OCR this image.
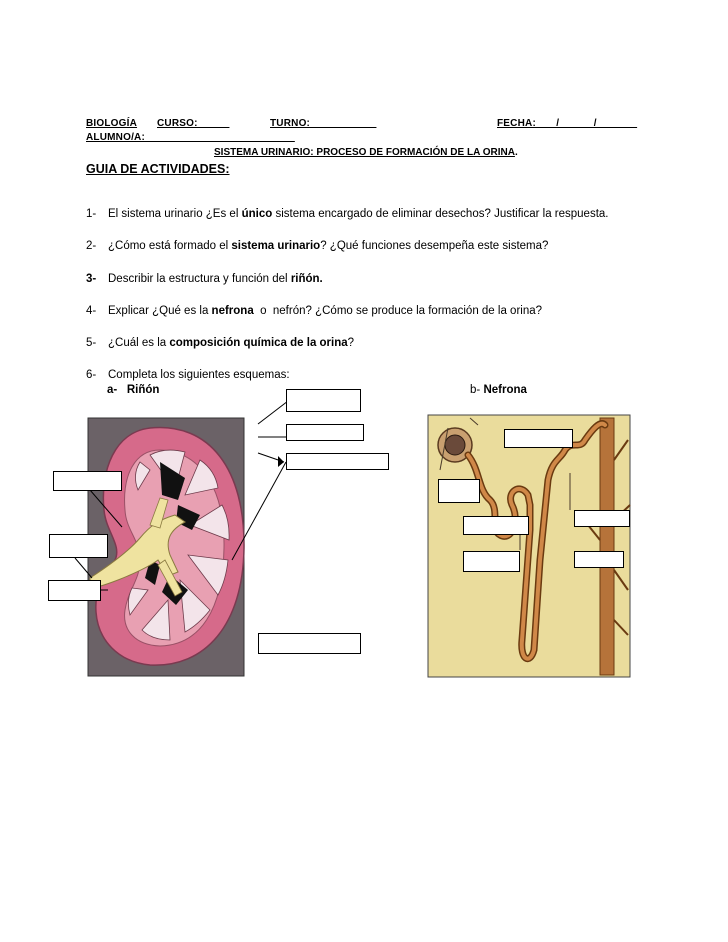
BIOLOGÍA CURSO: _____	TURNO: ___________	FECHA: ___/______/_______
ALUMNO/A:__________________________
SISTEMA URINARIO: PROCESO DE FORMACIÓN DE LA ORINA.
GUIA DE ACTIVIDADES:
1- El sistema urinario ¿Es el único sistema encargado de eliminar desechos? Justificar la respuesta.
2- ¿Cómo está formado el sistema urinario? ¿Qué funciones desempeña este sistema?
3- Describir la estructura y función del riñón.
4- Explicar ¿Qué es la nefrona  o  nefrón? ¿Cómo se produce la formación de la orina?
5- ¿Cuál es la composición química de la orina?
6- Completa los siguientes esquemas:
a- Riñón	b- Nefrona
